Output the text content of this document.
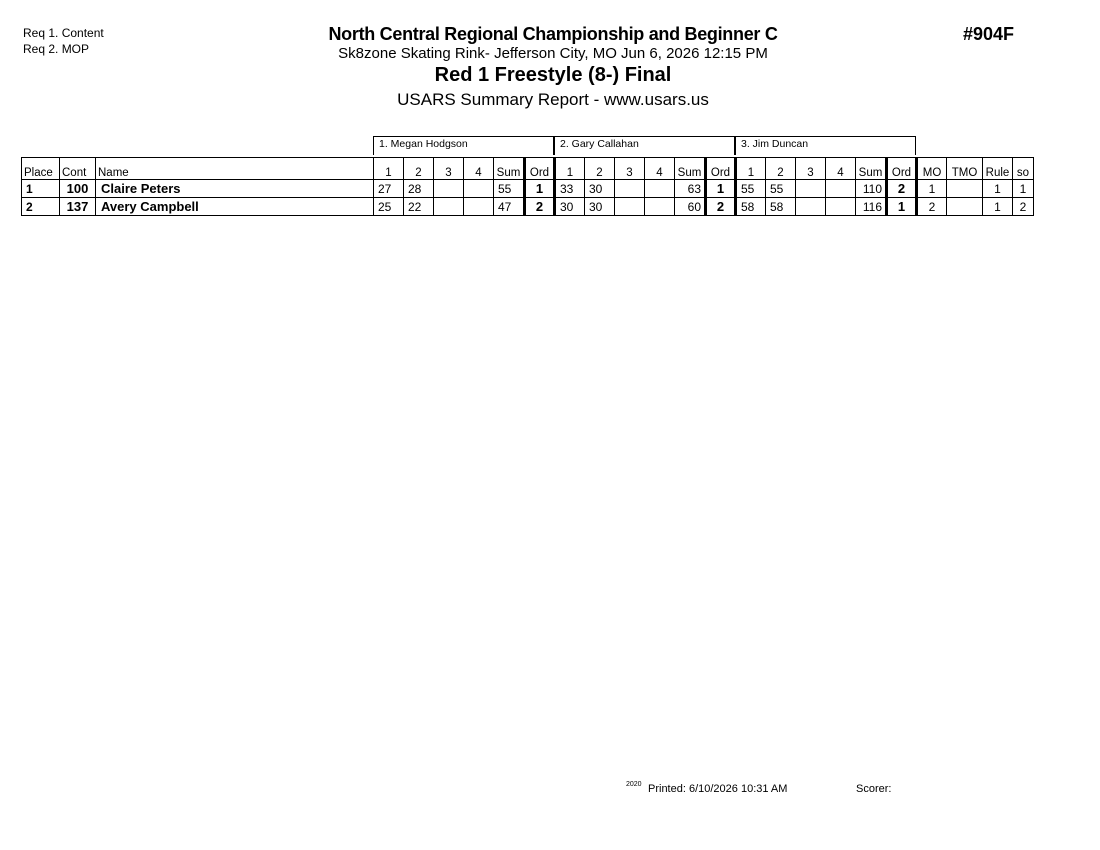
Req 1. Content
Req 2. MOP
North Central Regional Championship and Beginner C
Sk8zone Skating Rink- Jefferson City, MO Jun 6, 2026 12:15 PM
Red 1 Freestyle (8-) Final
USARS Summary Report - www.usars.us
#904F
1. Megan Hodgson	2. Gary Callahan	3. Jim Duncan
Place	Cont	Name	1	2	3	4	Sum	Ord	1	2	3	4	Sum	Ord	1	2	3	4	Sum	Ord	MO	TMO	Rule	so
1	100	Claire Peters	27	28			55	1	33	30			63	1	55	55			110	2	1		1	1
2	137	Avery Campbell	25	22			47	2	30	30			60	2	58	58			116	1	2		1	2
2020 Printed: 6/10/2026 10:31 AM	Scorer:
